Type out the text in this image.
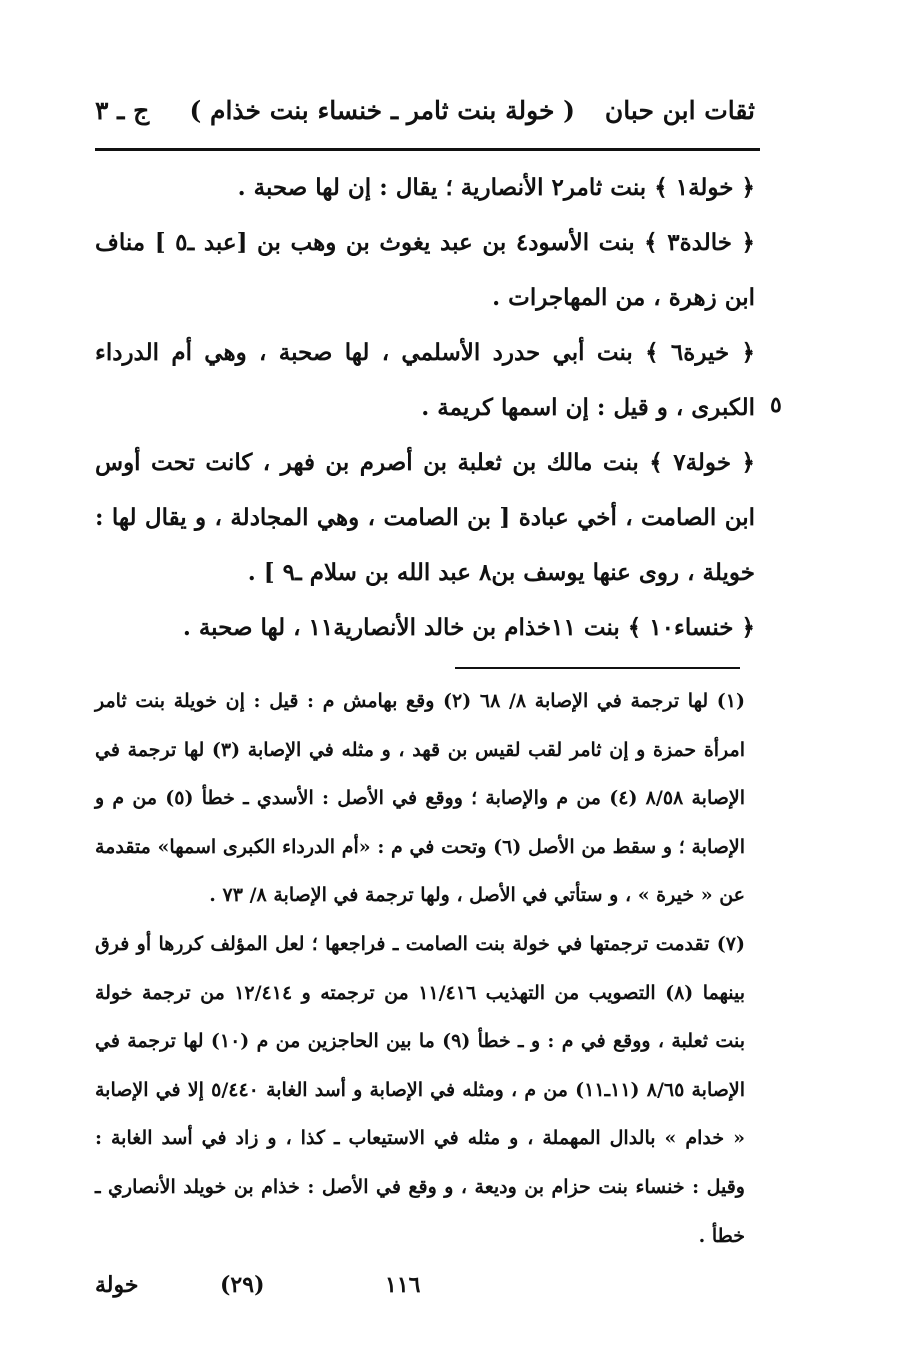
ثقات ابن حبان
( خولة بنت ثامر ـ خنساء بنت خذام )
ج ـ ٣
٥

﴿ خولة١ ﴾ بنت ثامر٢ الأنصارية ؛ يقال : إن لها صحبة .

﴿ خالدة٣ ﴾ بنت الأسود٤ بن عبد يغوث بن وهب بن [عبد ـ٥ ] مناف ابن زهرة ، من المهاجرات .

﴿ خيرة٦ ﴾ بنت أبي حدرد الأسلمي ، لها صحبة ، وهي أم الدرداء الكبرى ، و قيل : إن اسمها كريمة .

﴿ خولة٧ ﴾ بنت مالك بن ثعلبة بن أصرم بن فهر ، كانت تحت أوس ابن الصامت ، أخي عبادة [ بن الصامت ، وهي المجادلة ، و يقال لها : خويلة ، روى عنها يوسف بن٨ عبد الله بن سلام ـ٩ ] .

﴿ خنساء١٠ ﴾ بنت ١١خذام بن خالد الأنصارية١١ ، لها صحبة .

(١) لها ترجمة في الإصابة ٨/ ٦٨ (٢) وقع بهامش م : قيل : إن خويلة بنت ثامر امرأة حمزة و إن ثامر لقب لقيس بن قهد ، و مثله في الإصابة (٣) لها ترجمة في الإصابة ٨/٥٨ (٤) من م والإصابة ؛ ووقع في الأصل : الأسدي ـ خطأ (٥) من م و الإصابة ؛ و سقط من الأصل (٦) وتحت في م : «أم الدرداء الكبرى اسمها» متقدمة عن « خيرة » ، و ستأتي في الأصل ، ولها ترجمة في الإصابة ٨/ ٧٣ .

(٧) تقدمت ترجمتها في خولة بنت الصامت ـ فراجعها ؛ لعل المؤلف كررها أو فرق بينهما (٨) التصويب من التهذيب ١١/٤١٦ من ترجمته و ١٢/٤١٤ من ترجمة خولة بنت ثعلبة ، ووقع في م : و ـ خطأ (٩) ما بين الحاجزين من م (١٠) لها ترجمة في الإصابة ٨/٦٥ (١١ـ١١) من م ، ومثله في الإصابة و أسد الغابة ٥/٤٤٠ إلا في الإصابة « خدام » بالدال المهملة ، و مثله في الاستيعاب ـ كذا ، و زاد في أسد الغابة : وقيل : خنساء بنت حزام بن وديعة ، و وقع في الأصل : خذام بن خويلد الأنصاري ـ خطأ .

خولة	(٢٩)	١١٦
